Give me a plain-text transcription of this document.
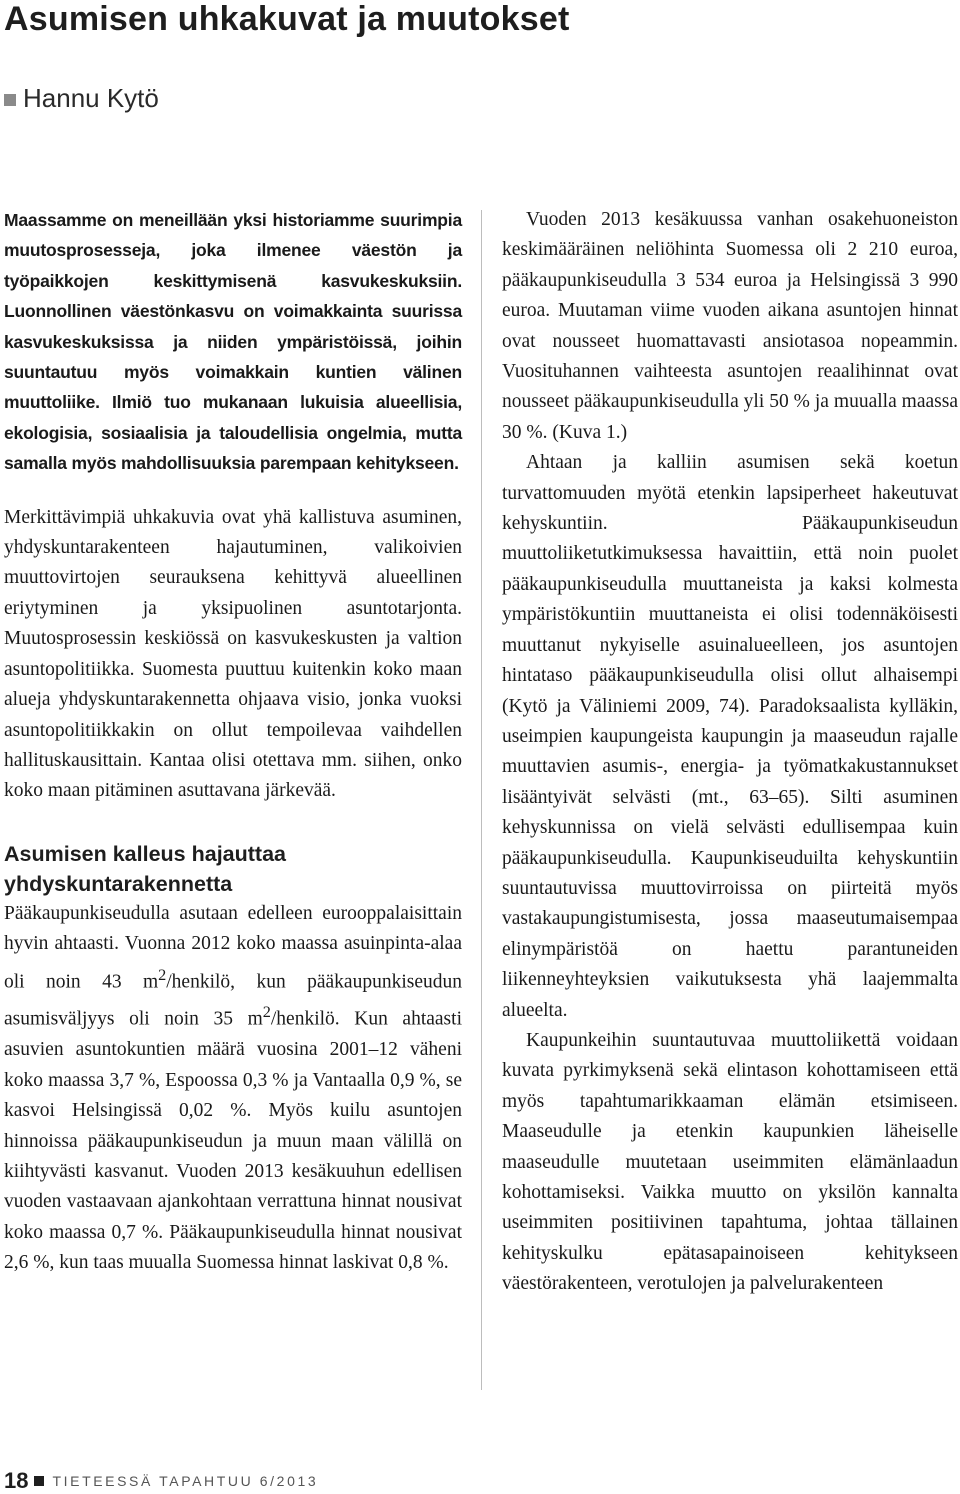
Asumisen uhkakuvat ja muutokset
Hannu Kytö

Maassamme on meneillään yksi historiamme suurimpia muutosprosesseja, joka ilmenee väestön ja työpaikkojen keskittymisenä kasvukeskuksiin. Luonnollinen väestönkasvu on voimakkainta suurissa kasvukeskuksissa ja niiden ympäristöissä, joihin suuntautuu myös voimakkain kuntien välinen muuttoliike. Ilmiö tuo mukanaan lukuisia alueellisia, ekologisia, sosiaalisia ja taloudellisia ongelmia, mutta samalla myös mahdollisuuksia parempaan kehitykseen.

Merkittävimpiä uhkakuvia ovat yhä kallistuva asuminen, yhdyskuntarakenteen hajautuminen, valikoivien muuttovirtojen seurauksena kehittyvä alueellinen eriytyminen ja yksipuolinen asuntotarjonta. Muutosprosessin keskiössä on kasvukeskusten ja valtion asuntopolitiikka. Suomesta puuttuu kuitenkin koko maan alueja yhdyskuntarakennetta ohjaava visio, jonka vuoksi asuntopolitiikkakin on ollut tempoilevaa vaihdellen hallituskausittain. Kantaa olisi otettava mm. siihen, onko koko maan pitäminen asuttavana järkevää.

Asumisen kalleus hajauttaa yhdyskuntarakennetta

Pääkaupunkiseudulla asutaan edelleen eurooppalaisittain hyvin ahtaasti. Vuonna 2012 koko maassa asuinpinta-alaa oli noin 43 $m^2$/henkilö, kun pääkaupunkiseudun asumisväljyys oli noin 35 $m^2$/henkilö. Kun ahtaasti asuvien asuntokuntien määrä vuosina 2001–12 väheni koko maassa 3,7 %, Espoossa 0,3 % ja Vantaalla 0,9 %, se kasvoi Helsingissä 0,02 %. Myös kuilu asuntojen hinnoissa pääkaupunkiseudun ja muun maan välillä on kiihtyvästi kasvanut. Vuoden 2013 kesäkuuhun edellisen vuoden vastaavaan ajankohtaan verrattuna hinnat nousivat koko maassa 0,7 %. Pääkaupunkiseudulla hinnat nousivat 2,6 %, kun taas muualla Suomessa hinnat laskivat 0,8 %.

Vuoden 2013 kesäkuussa vanhan osakehuoneiston keskimääräinen neliöhinta Suomessa oli 2 210 euroa, pääkaupunkiseudulla 3 534 euroa ja Helsingissä 3 990 euroa. Muutaman viime vuoden aikana asuntojen hinnat ovat nousseet huomattavasti ansiotasoa nopeammin. Vuosituhannen vaihteesta asuntojen reaalihinnat ovat nousseet pääkaupunkiseudulla yli 50 % ja muualla maassa 30 %. (Kuva 1.)

Ahtaan ja kalliin asumisen sekä koetun turvattomuuden myötä etenkin lapsiperheet hakeutuvat kehyskuntiin. Pääkaupunkiseudun muuttoliiketutkimuksessa havaittiin, että noin puolet pääkaupunkiseudulla muuttaneista ja kaksi kolmesta ympäristökuntiin muuttaneista ei olisi todennäköisesti muuttanut nykyiselle asuinalueelleen, jos asuntojen hintataso pääkaupunkiseudulla olisi ollut alhaisempi (Kytö ja Väliniemi 2009, 74). Paradoksaalista kylläkin, useimpien kaupungeista kaupungin ja maaseudun rajalle muuttavien asumis-, energia- ja työmatkakustannukset lisääntyivät selvästi (mt., 63–65). Silti asuminen kehyskunnissa on vielä selvästi edullisempaa kuin pääkaupunkiseudulla. Kaupunkiseuduilta kehyskuntiin suuntautuvissa muuttovirroissa on piirteitä myös vastakaupungistumisesta, jossa maaseutumaisempaa elinympäristöä on haettu parantuneiden liikenneyhteyksien vaikutuksesta yhä laajemmalta alueelta.

Kaupunkeihin suuntautuvaa muuttoliikettä voidaan kuvata pyrkimyksenä sekä elintason kohottamiseen että myös tapahtumarikkaaman elämän etsimiseen. Maaseudulle ja etenkin kaupunkien läheiselle maaseudulle muutetaan useimmiten elämänlaadun kohottamiseksi. Vaikka muutto on yksilön kannalta useimmiten positiivinen tapahtuma, johtaa tällainen kehityskulku epätasapainoiseen kehitykseen väestörakenteen, verotulojen ja palvelurakenteen

18 TIETEESSÄ TAPAHTUU 6/2013
